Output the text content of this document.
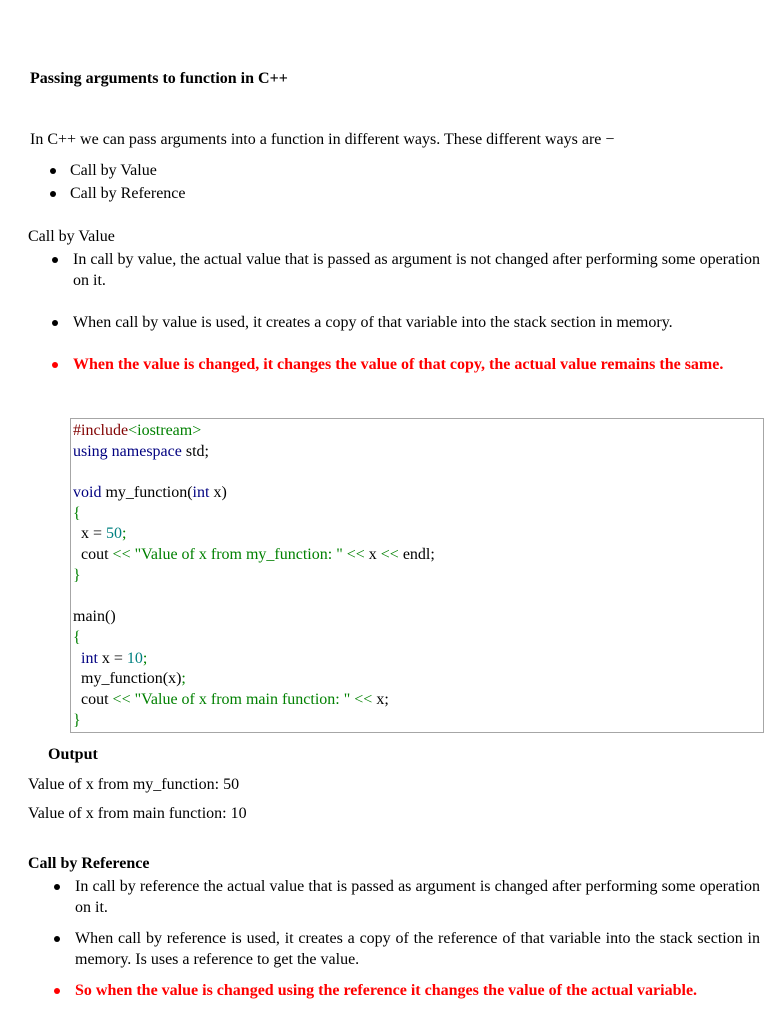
Passing arguments to function in C++
In C++ we can pass arguments into a function in different ways. These different ways are −
Call by Value
Call by Reference
Call by Value
In call by value, the actual value that is passed as argument is not changed after performing some operation on it.
When call by value is used, it creates a copy of that variable into the stack section in memory.
When the value is changed, it changes the value of that copy, the actual value remains the same.
#include<iostream>
using namespace std;
void my_function(int x)
{
x = 50;
cout << "Value of x from my_function: " << x << endl;
}
main()
{
int x = 10;
my_function(x);
cout << "Value of x from main function: " << x;
}
Output
Value of x from my_function: 50
Value of x from main function: 10
Call by Reference
In call by reference the actual value that is passed as argument is changed after performing some operation on it.
When call by reference is used, it creates a copy of the reference of that variable into the stack section in memory. Is uses a reference to get the value.
So when the value is changed using the reference it changes the value of the actual variable.
